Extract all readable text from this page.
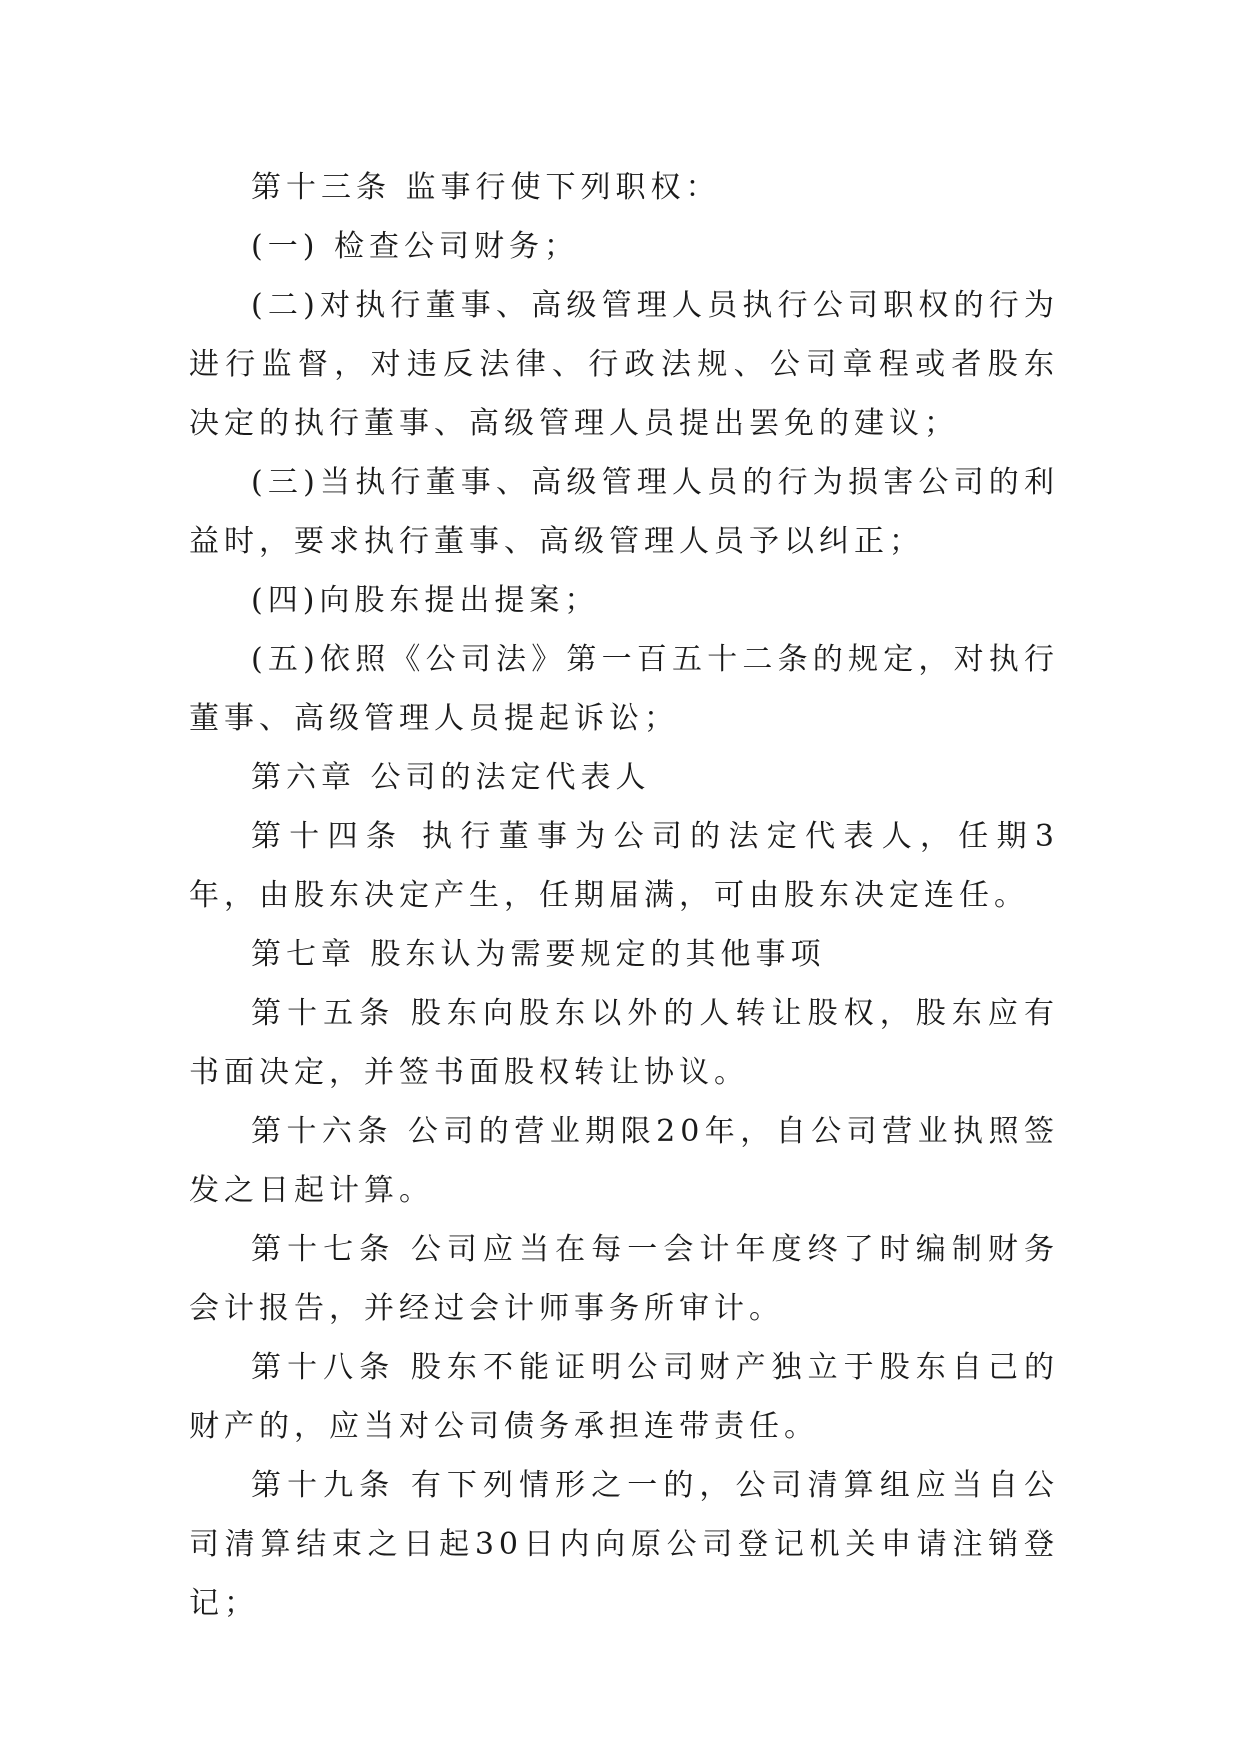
第十三条 监事行使下列职权：

(一) 检查公司财务；

(二)对执行董事、高级管理人员执行公司职权的行为进行监督，对违反法律、行政法规、公司章程或者股东决定的执行董事、高级管理人员提出罢免的建议；

(三)当执行董事、高级管理人员的行为损害公司的利益时，要求执行董事、高级管理人员予以纠正；

(四)向股东提出提案；

(五)依照《公司法》第一百五十二条的规定，对执行董事、高级管理人员提起诉讼；

第六章 公司的法定代表人

第十四条 执行董事为公司的法定代表人，任期3年，由股东决定产生，任期届满，可由股东决定连任。

第七章 股东认为需要规定的其他事项

第十五条 股东向股东以外的人转让股权，股东应有书面决定，并签书面股权转让协议。

第十六条 公司的营业期限20年，自公司营业执照签发之日起计算。

第十七条 公司应当在每一会计年度终了时编制财务会计报告，并经过会计师事务所审计。

第十八条 股东不能证明公司财产独立于股东自己的财产的，应当对公司债务承担连带责任。

第十九条 有下列情形之一的，公司清算组应当自公司清算结束之日起30日内向原公司登记机关申请注销登记；
